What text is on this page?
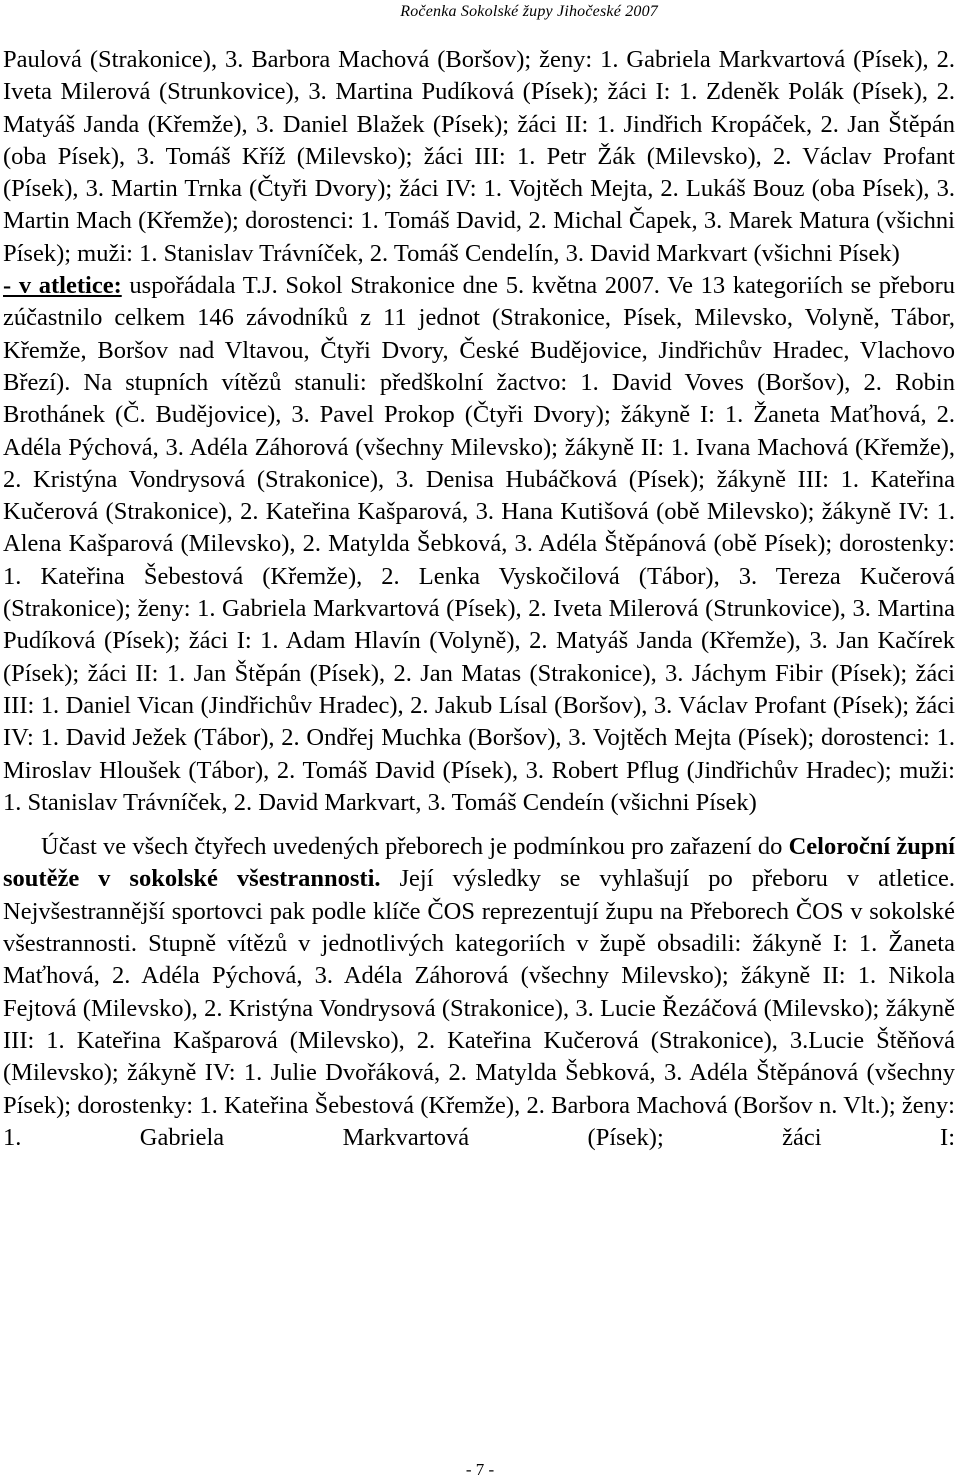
Ročenka Sokolské župy Jihočeské 2007

Paulová (Strakonice), 3. Barbora Machová (Boršov); ženy: 1. Gabriela Markvartová (Písek), 2. Iveta Milerová (Strunkovice), 3. Martina Pudíková (Písek); žáci I: 1. Zdeněk Polák (Písek), 2. Matyáš Janda (Křemže), 3. Daniel Blažek (Písek); žáci II: 1. Jindřich Kropáček, 2. Jan Štěpán (oba Písek), 3. Tomáš Kříž (Milevsko); žáci III: 1. Petr Žák (Milevsko), 2. Václav Profant (Písek), 3. Martin Trnka (Čtyři Dvory); žáci IV: 1. Vojtěch Mejta, 2. Lukáš Bouz (oba Písek), 3. Martin Mach (Křemže); dorostenci: 1. Tomáš David, 2. Michal Čapek, 3. Marek Matura (všichni Písek); muži: 1. Stanislav Trávníček, 2. Tomáš Cendelín, 3. David Markvart (všichni Písek)

- v atletice: uspořádala T.J. Sokol Strakonice dne 5. května 2007. Ve 13 kategoriích se přeboru zúčastnilo celkem 146 závodníků z 11 jednot (Strakonice, Písek, Milevsko, Volyně, Tábor, Křemže, Boršov nad Vltavou, Čtyři Dvory, České Budějovice, Jindřichův Hradec, Vlachovo Březí). Na stupních vítězů stanuli: předškolní žactvo: 1. David Voves (Boršov), 2. Robin Brothánek (Č. Budějovice), 3. Pavel Prokop (Čtyři Dvory); žákyně I: 1. Žaneta Maťhová, 2. Adéla Pýchová, 3. Adéla Záhorová (všechny Milevsko); žákyně II: 1. Ivana Machová (Křemže), 2. Kristýna Vondrysová (Strakonice), 3. Denisa Hubáčková (Písek); žákyně III: 1. Kateřina Kučerová (Strakonice), 2. Kateřina Kašparová, 3. Hana Kutišová (obě Milevsko); žákyně IV: 1. Alena Kašparová (Milevsko), 2. Matylda Šebková, 3. Adéla Štěpánová (obě Písek); dorostenky: 1. Kateřina Šebestová (Křemže), 2. Lenka Vyskočilová (Tábor), 3. Tereza Kučerová (Strakonice); ženy: 1. Gabriela Markvartová (Písek), 2. Iveta Milerová (Strunkovice), 3. Martina Pudíková (Písek); žáci I: 1. Adam Hlavín (Volyně), 2. Matyáš Janda (Křemže), 3. Jan Kačírek (Písek); žáci II: 1. Jan Štěpán (Písek), 2. Jan Matas (Strakonice), 3. Jáchym Fibir (Písek); žáci III: 1. Daniel Vican (Jindřichův Hradec), 2. Jakub Lísal (Boršov), 3. Václav Profant (Písek); žáci IV: 1. David Ježek (Tábor), 2. Ondřej Muchka (Boršov), 3. Vojtěch Mejta (Písek); dorostenci: 1. Miroslav Hloušek (Tábor), 2. Tomáš David (Písek), 3. Robert Pflug (Jindřichův Hradec); muži: 1. Stanislav Trávníček, 2. David Markvart, 3. Tomáš Cendeín (všichni Písek)

Účast ve všech čtyřech uvedených přeborech je podmínkou pro zařazení do Celoroční župní soutěže v sokolské všestrannosti. Její výsledky se vyhlašují po přeboru v atletice. Nejvšestrannější sportovci pak podle klíče ČOS reprezentují župu na Přeborech ČOS v sokolské všestrannosti. Stupně vítězů v jednotlivých kategoriích v župě obsadili: žákyně I: 1. Žaneta Maťhová, 2. Adéla Pýchová, 3. Adéla Záhorová (všechny Milevsko); žákyně II: 1. Nikola Fejtová (Milevsko), 2. Kristýna Vondrysová (Strakonice), 3. Lucie Řezáčová (Milevsko); žákyně III: 1. Kateřina Kašparová (Milevsko), 2. Kateřina Kučerová (Strakonice), 3.Lucie Štěňová (Milevsko); žákyně IV: 1. Julie Dvořáková, 2. Matylda Šebková, 3. Adéla Štěpánová (všechny Písek); dorostenky: 1. Kateřina Šebestová (Křemže), 2. Barbora Machová (Boršov n. Vlt.); ženy: 1. Gabriela Markvartová (Písek); žáci I:

- 7 -
